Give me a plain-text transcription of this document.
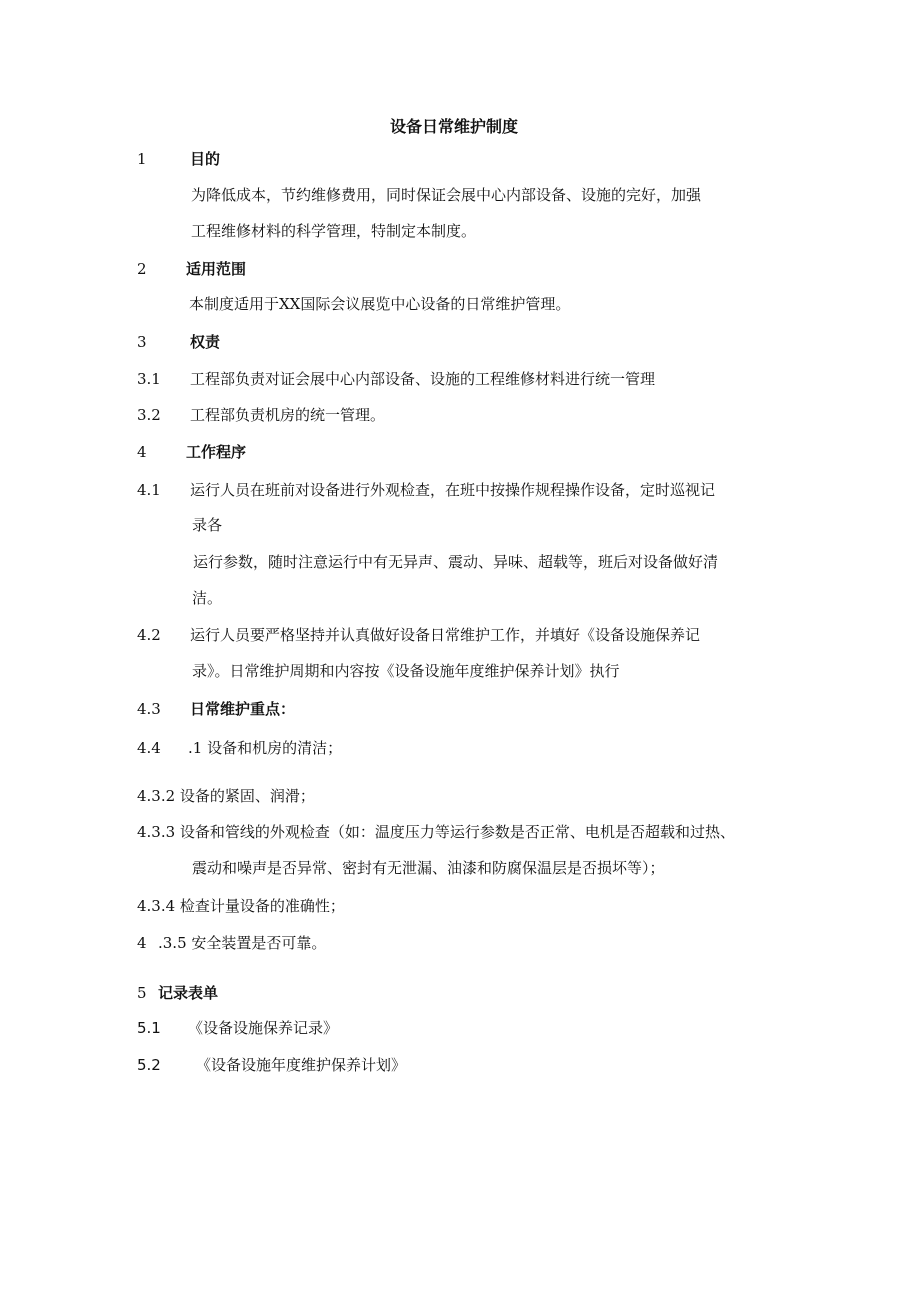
设备日常维护制度
1	目的
为降低成本，节约维修费用，同时保证会展中心内部设备、设施的完好，加强
工程维修材料的科学管理，特制定本制度。
2	适用范围
本制度适用于XX国际会议展览中心设备的日常维护管理。
3	权责
3.1 工程部负责对证会展中心内部设备、设施的工程维修材料进行统一管理
3.2 工程部负责机房的统一管理。
4	工作程序
4.1 运行人员在班前对设备进行外观检查，在班中按操作规程操作设备，定时巡视记
录各
运行参数，随时注意运行中有无异声、震动、异味、超载等，班后对设备做好清
洁。
4.2 运行人员要严格坚持并认真做好设备日常维护工作，并填好《设备设施保养记
录》。日常维护周期和内容按《设备设施年度维护保养计划》执行
4.3 日常维护重点：
4.4 .1 设备和机房的清洁；
4.3.2 设备的紧固、润滑；
4.3.3 设备和管线的外观检查（如：温度压力等运行参数是否正常、电机是否超载和过热、
震动和噪声是否异常、密封有无泄漏、油漆和防腐保温层是否损坏等）；
4.3.4 检查计量设备的准确性；
4 .3.5 安全装置是否可靠。
5 记录表单
5.1 《设备设施保养记录》
5.2 《设备设施年度维护保养计划》
